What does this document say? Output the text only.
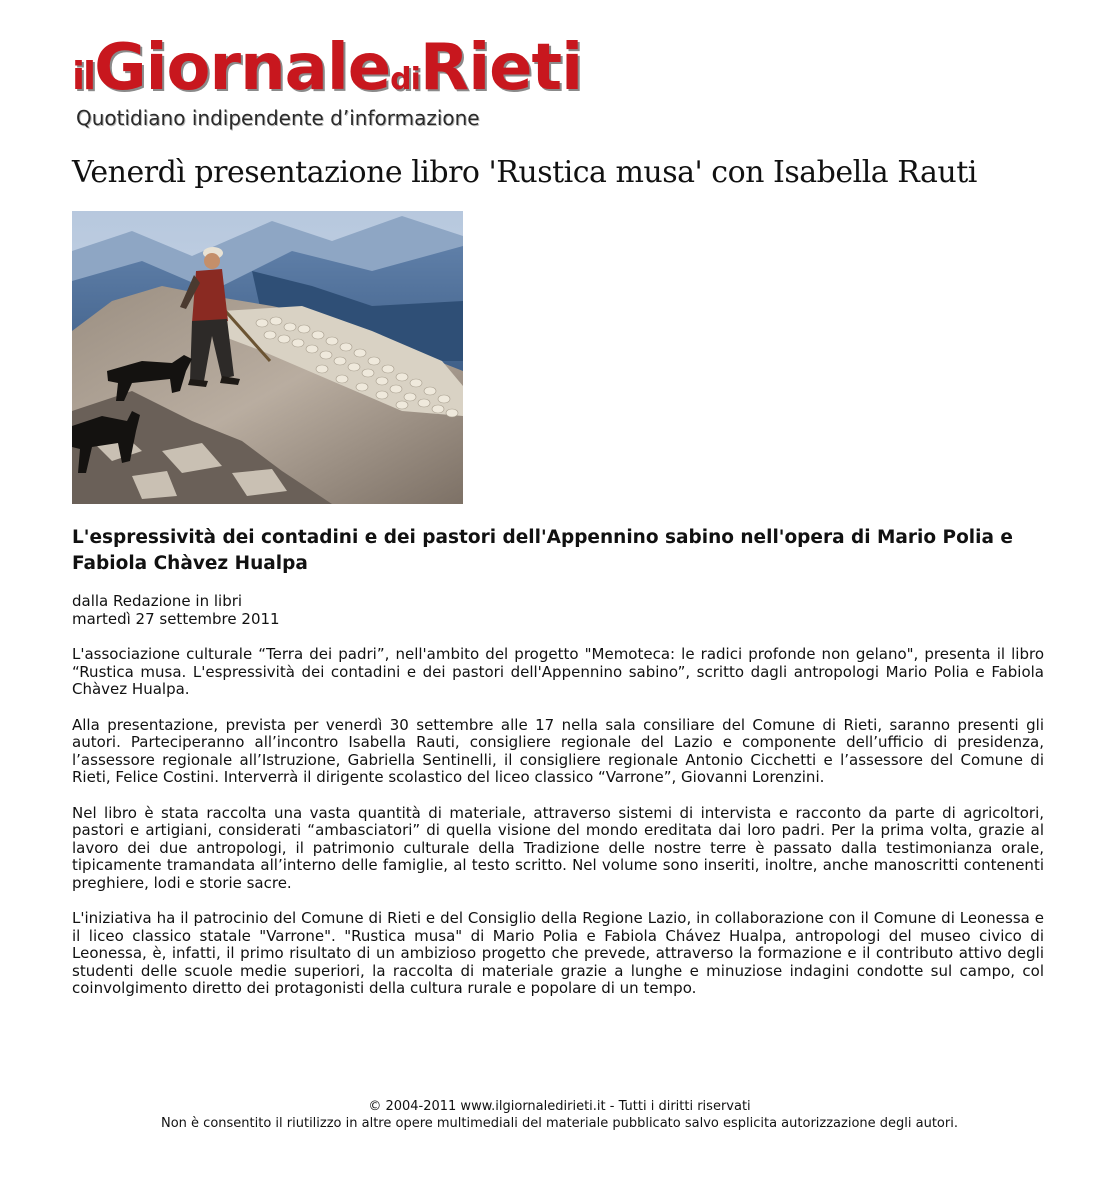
ilGiornalediRieti
Quotidiano indipendente d’informazione
Venerdì presentazione libro 'Rustica musa' con Isabella Rauti
L'espressività dei contadini e dei pastori dell'Appennino sabino nell'opera di Mario Polia e Fabiola Chàvez Hualpa
dalla Redazione in libri
martedì 27 settembre 2011

L'associazione culturale “Terra dei padri”, nell'ambito del progetto "Memoteca: le radici profonde non gelano", presenta il libro “Rustica musa. L'espressività dei contadini e dei pastori dell'Appennino sabino”, scritto dagli antropologi Mario Polia e Fabiola Chàvez Hualpa.

Alla presentazione, prevista per venerdì 30 settembre alle 17 nella sala consiliare del Comune di Rieti, saranno presenti gli autori. Parteciperanno all’incontro Isabella Rauti, consigliere regionale del Lazio e componente dell’ufficio di presidenza, l’assessore regionale all’Istruzione, Gabriella Sentinelli, il consigliere regionale Antonio Cicchetti e l’assessore del Comune di Rieti, Felice Costini. Interverrà il dirigente scolastico del liceo classico “Varrone”, Giovanni Lorenzini.

Nel libro è stata raccolta una vasta quantità di materiale, attraverso sistemi di intervista e racconto da parte di agricoltori, pastori e artigiani, considerati “ambasciatori” di quella visione del mondo ereditata dai loro padri. Per la prima volta, grazie al lavoro dei due antropologi, il patrimonio culturale della Tradizione delle nostre terre è passato dalla testimonianza orale, tipicamente tramandata all’interno delle famiglie, al testo scritto. Nel volume sono inseriti, inoltre, anche manoscritti contenenti preghiere, lodi e storie sacre.

L'iniziativa ha il patrocinio del Comune di Rieti e del Consiglio della Regione Lazio, in collaborazione con il Comune di Leonessa e il liceo classico statale "Varrone". "Rustica musa" di Mario Polia e Fabiola Chávez Hualpa, antropologi del museo civico di Leonessa, è, infatti, il primo risultato di un ambizioso progetto che prevede, attraverso la formazione e il contributo attivo degli studenti delle scuole medie superiori, la raccolta di materiale grazie a lunghe e minuziose indagini condotte sul campo, col coinvolgimento diretto dei protagonisti della cultura rurale e popolare di un tempo.

© 2004-2011 www.ilgiornaledirieti.it - Tutti i diritti riservati
Non è consentito il riutilizzo in altre opere multimediali del materiale pubblicato salvo esplicita autorizzazione degli autori.
